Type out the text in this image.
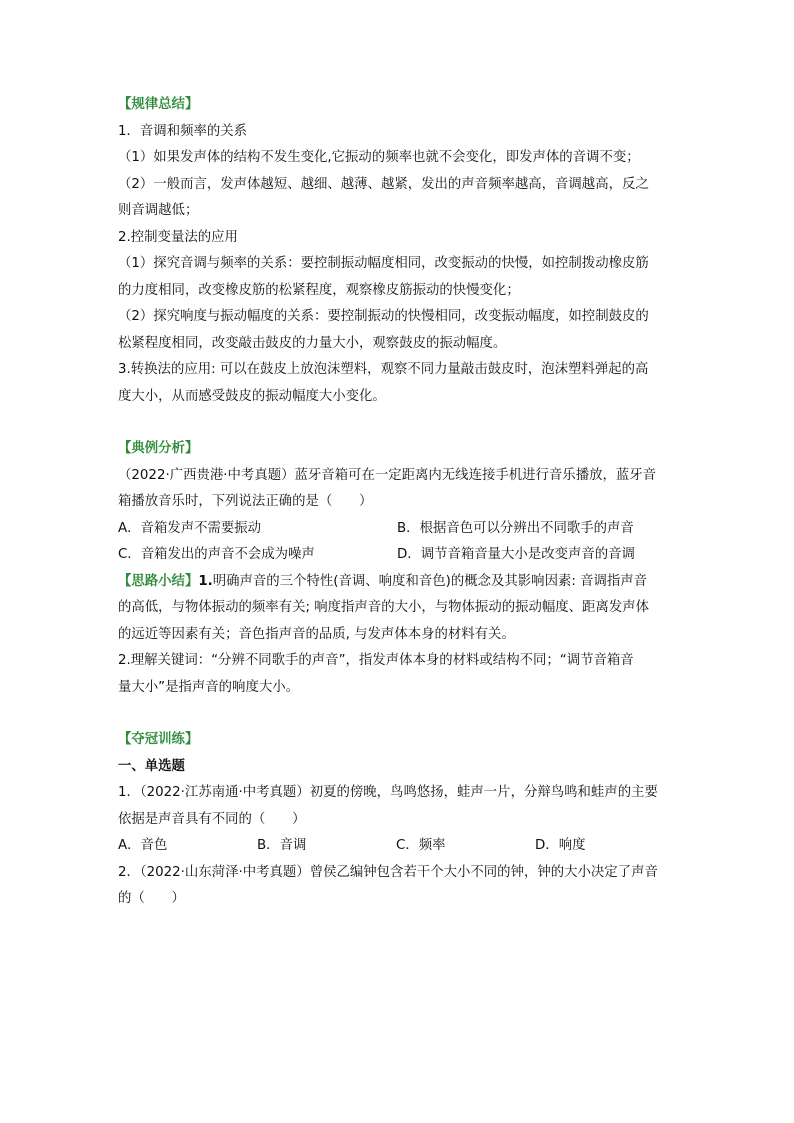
【规律总结】
1．音调和频率的关系
（1）如果发声体的结构不发生变化,它振动的频率也就不会变化，即发声体的音调不变；
（2）一般而言，发声体越短、越细、越薄、越紧，发出的声音频率越高，音调越高，反之
则音调越低；
2.控制变量法的应用
（1）探究音调与频率的关系：要控制振动幅度相同，改变振动的快慢，如控制拨动橡皮筋
的力度相同，改变橡皮筋的松紧程度，观察橡皮筋振动的快慢变化；
（2）探究响度与振动幅度的关系：要控制振动的快慢相同，改变振动幅度，如控制鼓皮的
松紧程度相同，改变敲击鼓皮的力量大小，观察鼓皮的振动幅度。
3.转换法的应用: 可以在鼓皮上放泡沫塑料，观察不同力量敲击鼓皮时，泡沫塑料弹起的高
度大小，从而感受鼓皮的振动幅度大小变化。
【典例分析】
（2022·广西贵港·中考真题）蓝牙音箱可在一定距离内无线连接手机进行音乐播放，蓝牙音
箱播放音乐时，下列说法正确的是（　　）
A．音箱发声不需要振动	B．根据音色可以分辨出不同歌手的声音
C．音箱发出的声音不会成为噪声	D．调节音箱音量大小是改变声音的音调
【思路小结】1.明确声音的三个特性(音调、响度和音色)的概念及其影响因素: 音调指声音
的高低，与物体振动的频率有关; 响度指声音的大小，与物体振动的振动幅度、距离发声体
的远近等因素有关；音色指声音的品质, 与发声体本身的材料有关。
2.理解关键词：“分辨不同歌手的声音”，指发声体本身的材料或结构不同；“调节音箱音
量大小”是指声音的响度大小。
【夺冠训练】
一、单选题
1．（2022·江苏南通·中考真题）初夏的傍晚，鸟鸣悠扬，蛙声一片，分辩鸟鸣和蛙声的主要
依据是声音具有不同的（　　）
A．音色	B．音调	C．频率	D．响度
2．（2022·山东菏泽·中考真题）曾侯乙编钟包含若干个大小不同的钟，钟的大小决定了声音
的（　　）
